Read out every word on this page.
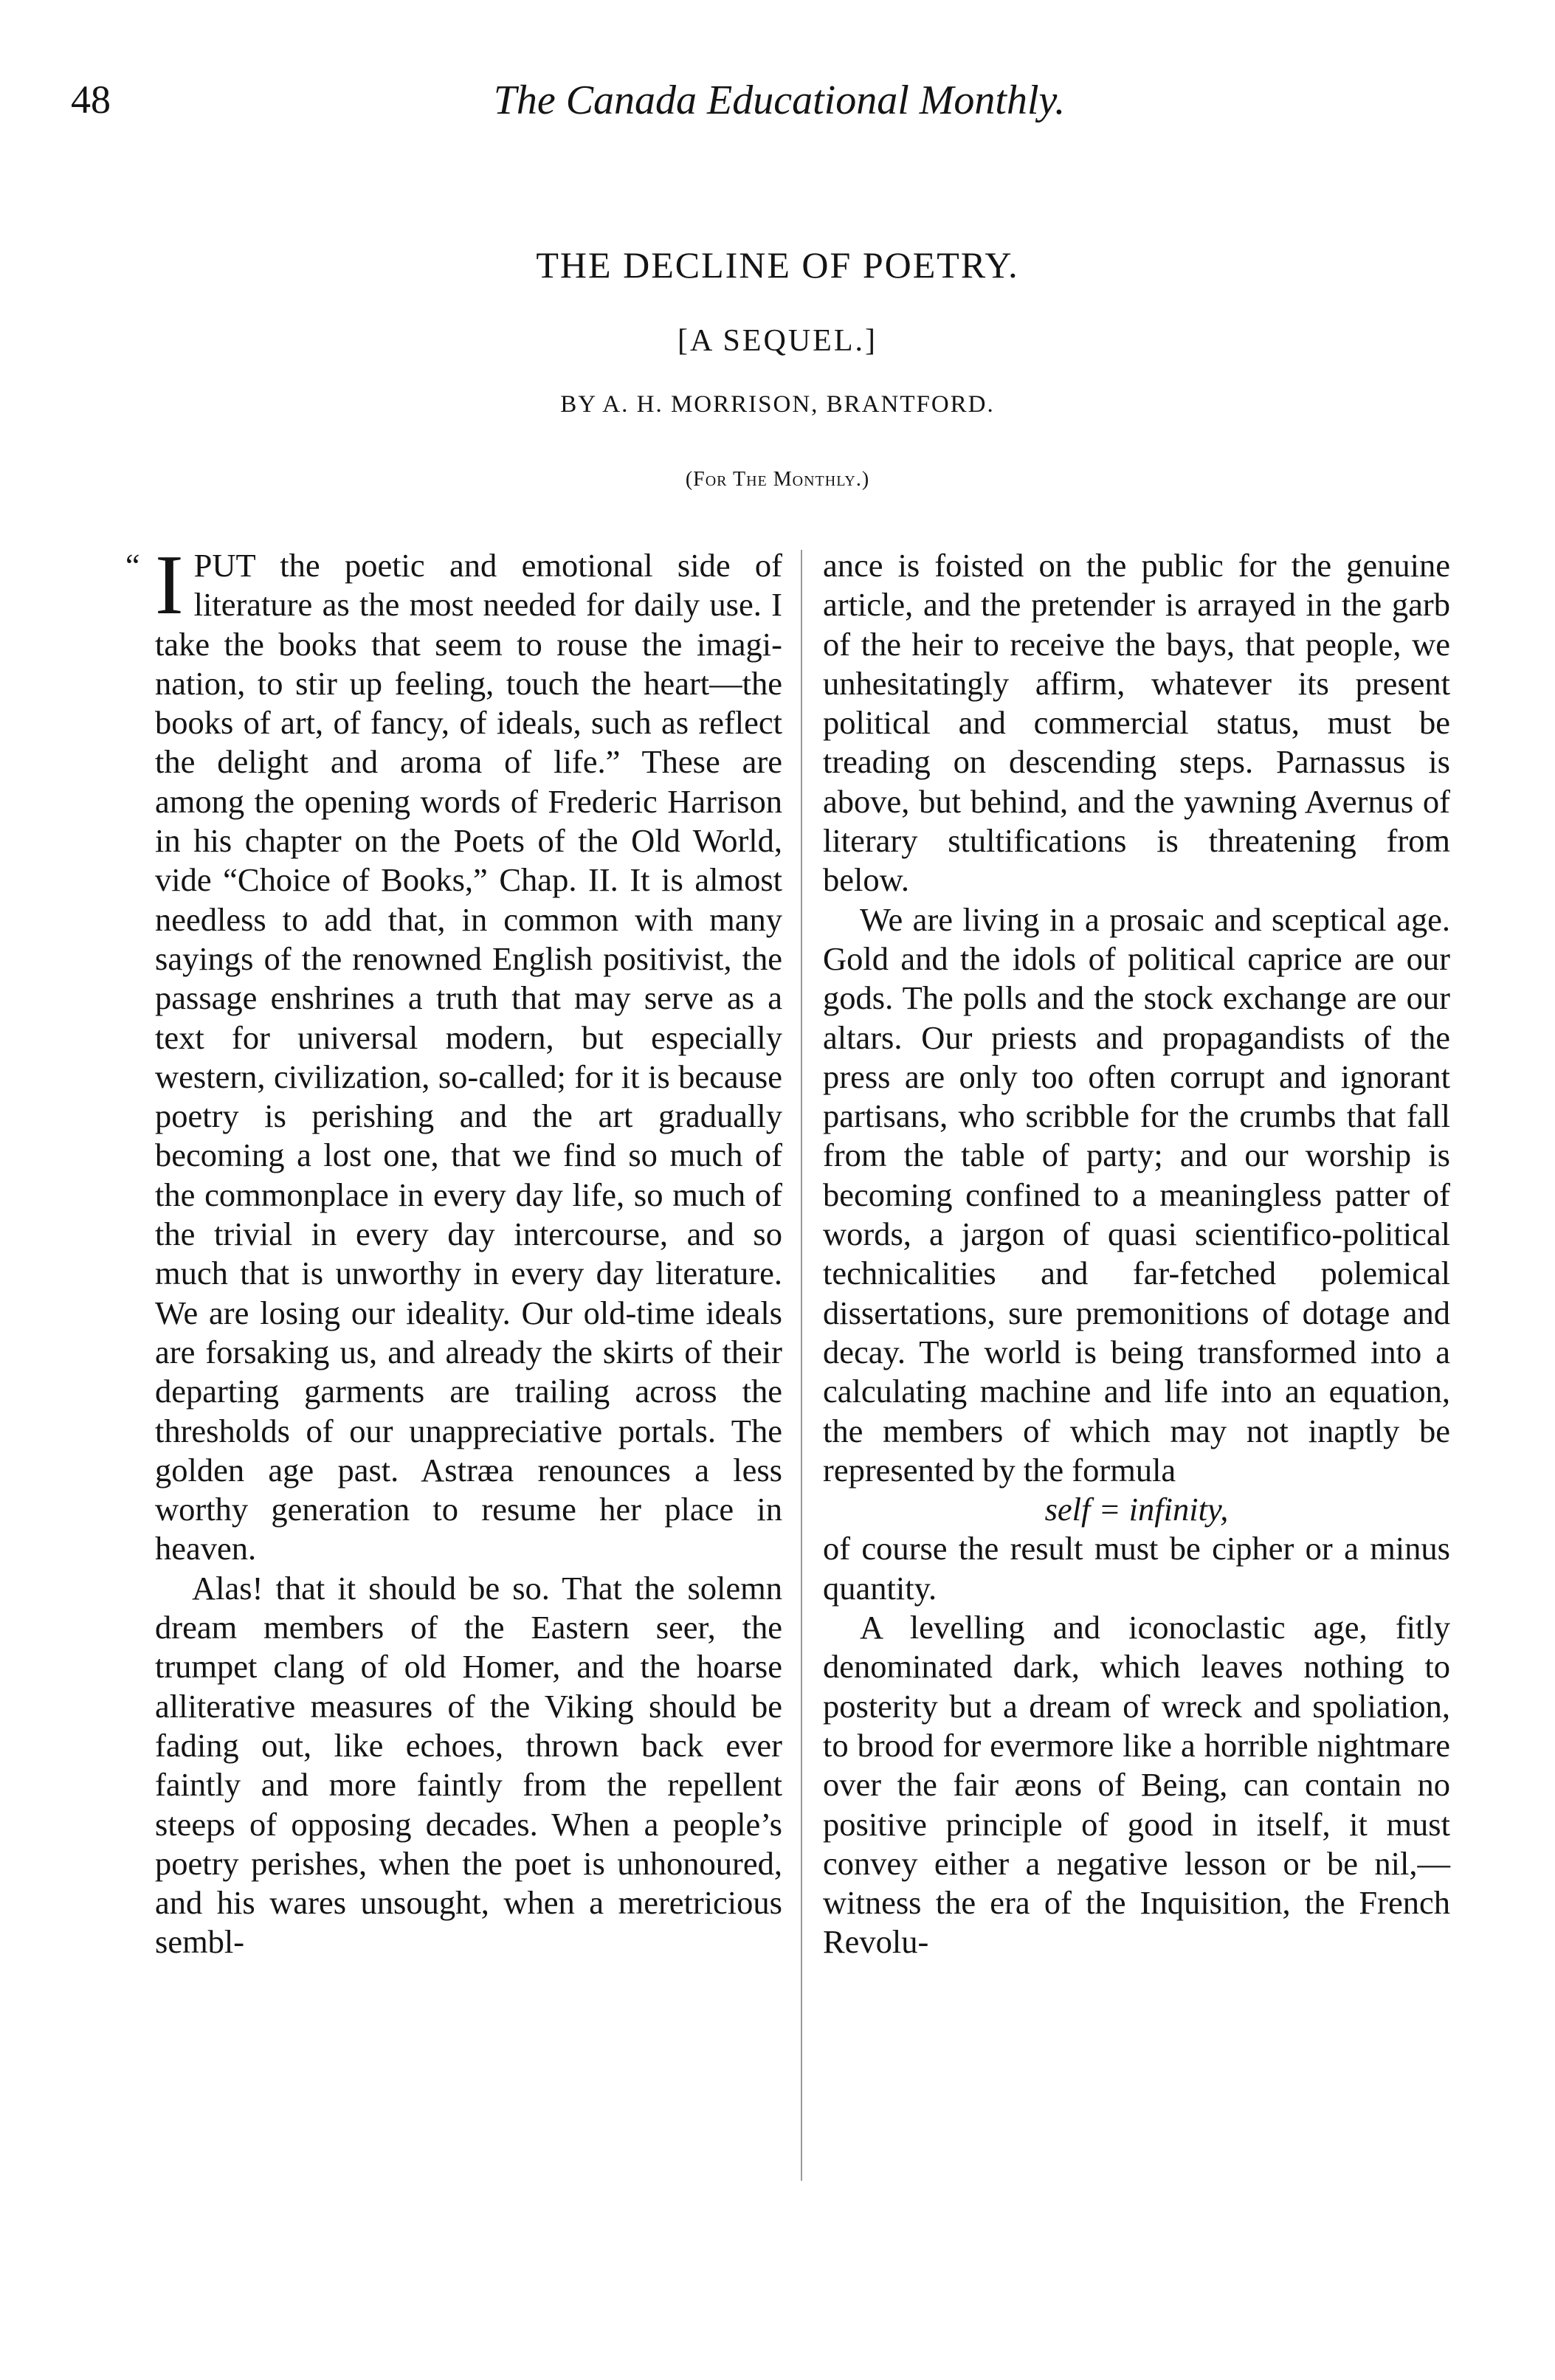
48	The Canada Educational Monthly.
THE DECLINE OF POETRY.
[A SEQUEL.]
BY A. H. MORRISON, BRANTFORD.
(For The Monthly.)
“ IPUT the poetic and emotional side of literature as the most needed for daily use. I take the books that seem to rouse the imagination, to stir up feeling, touch the heart—the books of art, of fancy, of ideals, such as reflect the delight and aroma of life.” These are among the opening words of Frederic Harrison in his chapter on the Poets of the Old World, vide “Choice of Books,” Chap. II. It is almost needless to add that, in common with many sayings of the renowned English positivist, the passage enshrines a truth that may serve as a text for universal modern, but especially western, civilization, so-called; for it is because poetry is perishing and the art gradually becoming a lost one, that we find so much of the commonplace in every day life, so much of the trivial in every day intercourse, and so much that is unworthy in every day literature. We are losing our ideality. Our old-time ideals are forsaking us, and already the skirts of their departing garments are trailing across the thresholds of our unappreciative portals. The golden age past. Astræa renounces a less worthy generation to resume her place in heaven.

Alas! that it should be so. That the solemn dream members of the Eastern seer, the trumpet clang of old Homer, and the hoarse alliterative measures of the Viking should be fading out, like echoes, thrown back ever faintly and more faintly from the repellent steeps of opposing decades. When a people’s poetry perishes, when the poet is unhonoured, and his wares unsought, when a meretricious sembl-

ance is foisted on the public for the genuine article, and the pretender is arrayed in the garb of the heir to receive the bays, that people, we unhesitatingly affirm, whatever its present political and commercial status, must be treading on descending steps. Parnassus is above, but behind, and the yawning Avernus of literary stultifications is threatening from below.

We are living in a prosaic and sceptical age. Gold and the idols of political caprice are our gods. The polls and the stock exchange are our altars. Our priests and propagandists of the press are only too often corrupt and ignorant partisans, who scribble for the crumbs that fall from the table of party; and our worship is becoming confined to a meaningless patter of words, a jargon of quasi scientifico-political technicalities and far-fetched polemical dissertations, sure premonitions of dotage and decay. The world is being transformed into a calculating machine and life into an equation, the members of which may not inaptly be represented by the formula

self = infinity,

of course the result must be cipher or a minus quantity.

A levelling and iconoclastic age, fitly denominated dark, which leaves nothing to posterity but a dream of wreck and spoliation, to brood for evermore like a horrible nightmare over the fair æons of Being, can contain no positive principle of good in itself, it must convey either a negative lesson or be nil,—witness the era of the Inquisition, the French Revolu-
